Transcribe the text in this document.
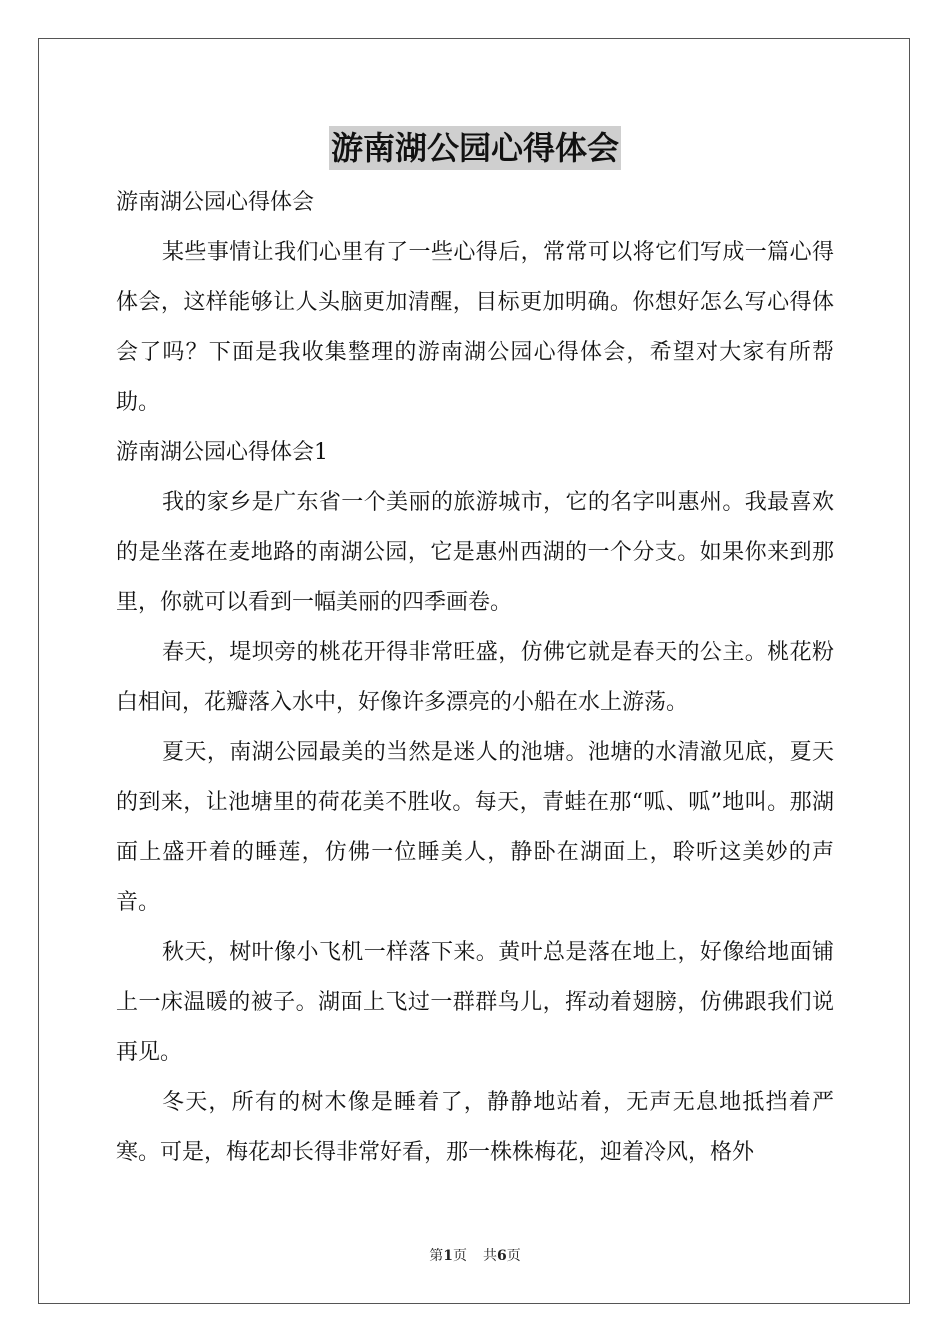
游南湖公园心得体会
游南湖公园心得体会

某些事情让我们心里有了一些心得后，常常可以将它们写成一篇心得体会，这样能够让人头脑更加清醒，目标更加明确。你想好怎么写心得体会了吗？下面是我收集整理的游南湖公园心得体会，希望对大家有所帮助。

游南湖公园心得体会1

我的家乡是广东省一个美丽的旅游城市，它的名字叫惠州。我最喜欢的是坐落在麦地路的南湖公园，它是惠州西湖的一个分支。如果你来到那里，你就可以看到一幅美丽的四季画卷。

春天，堤坝旁的桃花开得非常旺盛，仿佛它就是春天的公主。桃花粉白相间，花瓣落入水中，好像许多漂亮的小船在水上游荡。

夏天，南湖公园最美的当然是迷人的池塘。池塘的水清澈见底，夏天的到来，让池塘里的荷花美不胜收。每天，青蛙在那“呱、呱”地叫。那湖面上盛开着的睡莲，仿佛一位睡美人，静卧在湖面上，聆听这美妙的声音。

秋天，树叶像小飞机一样落下来。黄叶总是落在地上，好像给地面铺上一床温暖的被子。湖面上飞过一群群鸟儿，挥动着翅膀，仿佛跟我们说再见。

冬天，所有的树木像是睡着了，静静地站着，无声无息地抵挡着严寒。可是，梅花却长得非常好看，那一株株梅花，迎着冷风，格外

第1页 共6页
